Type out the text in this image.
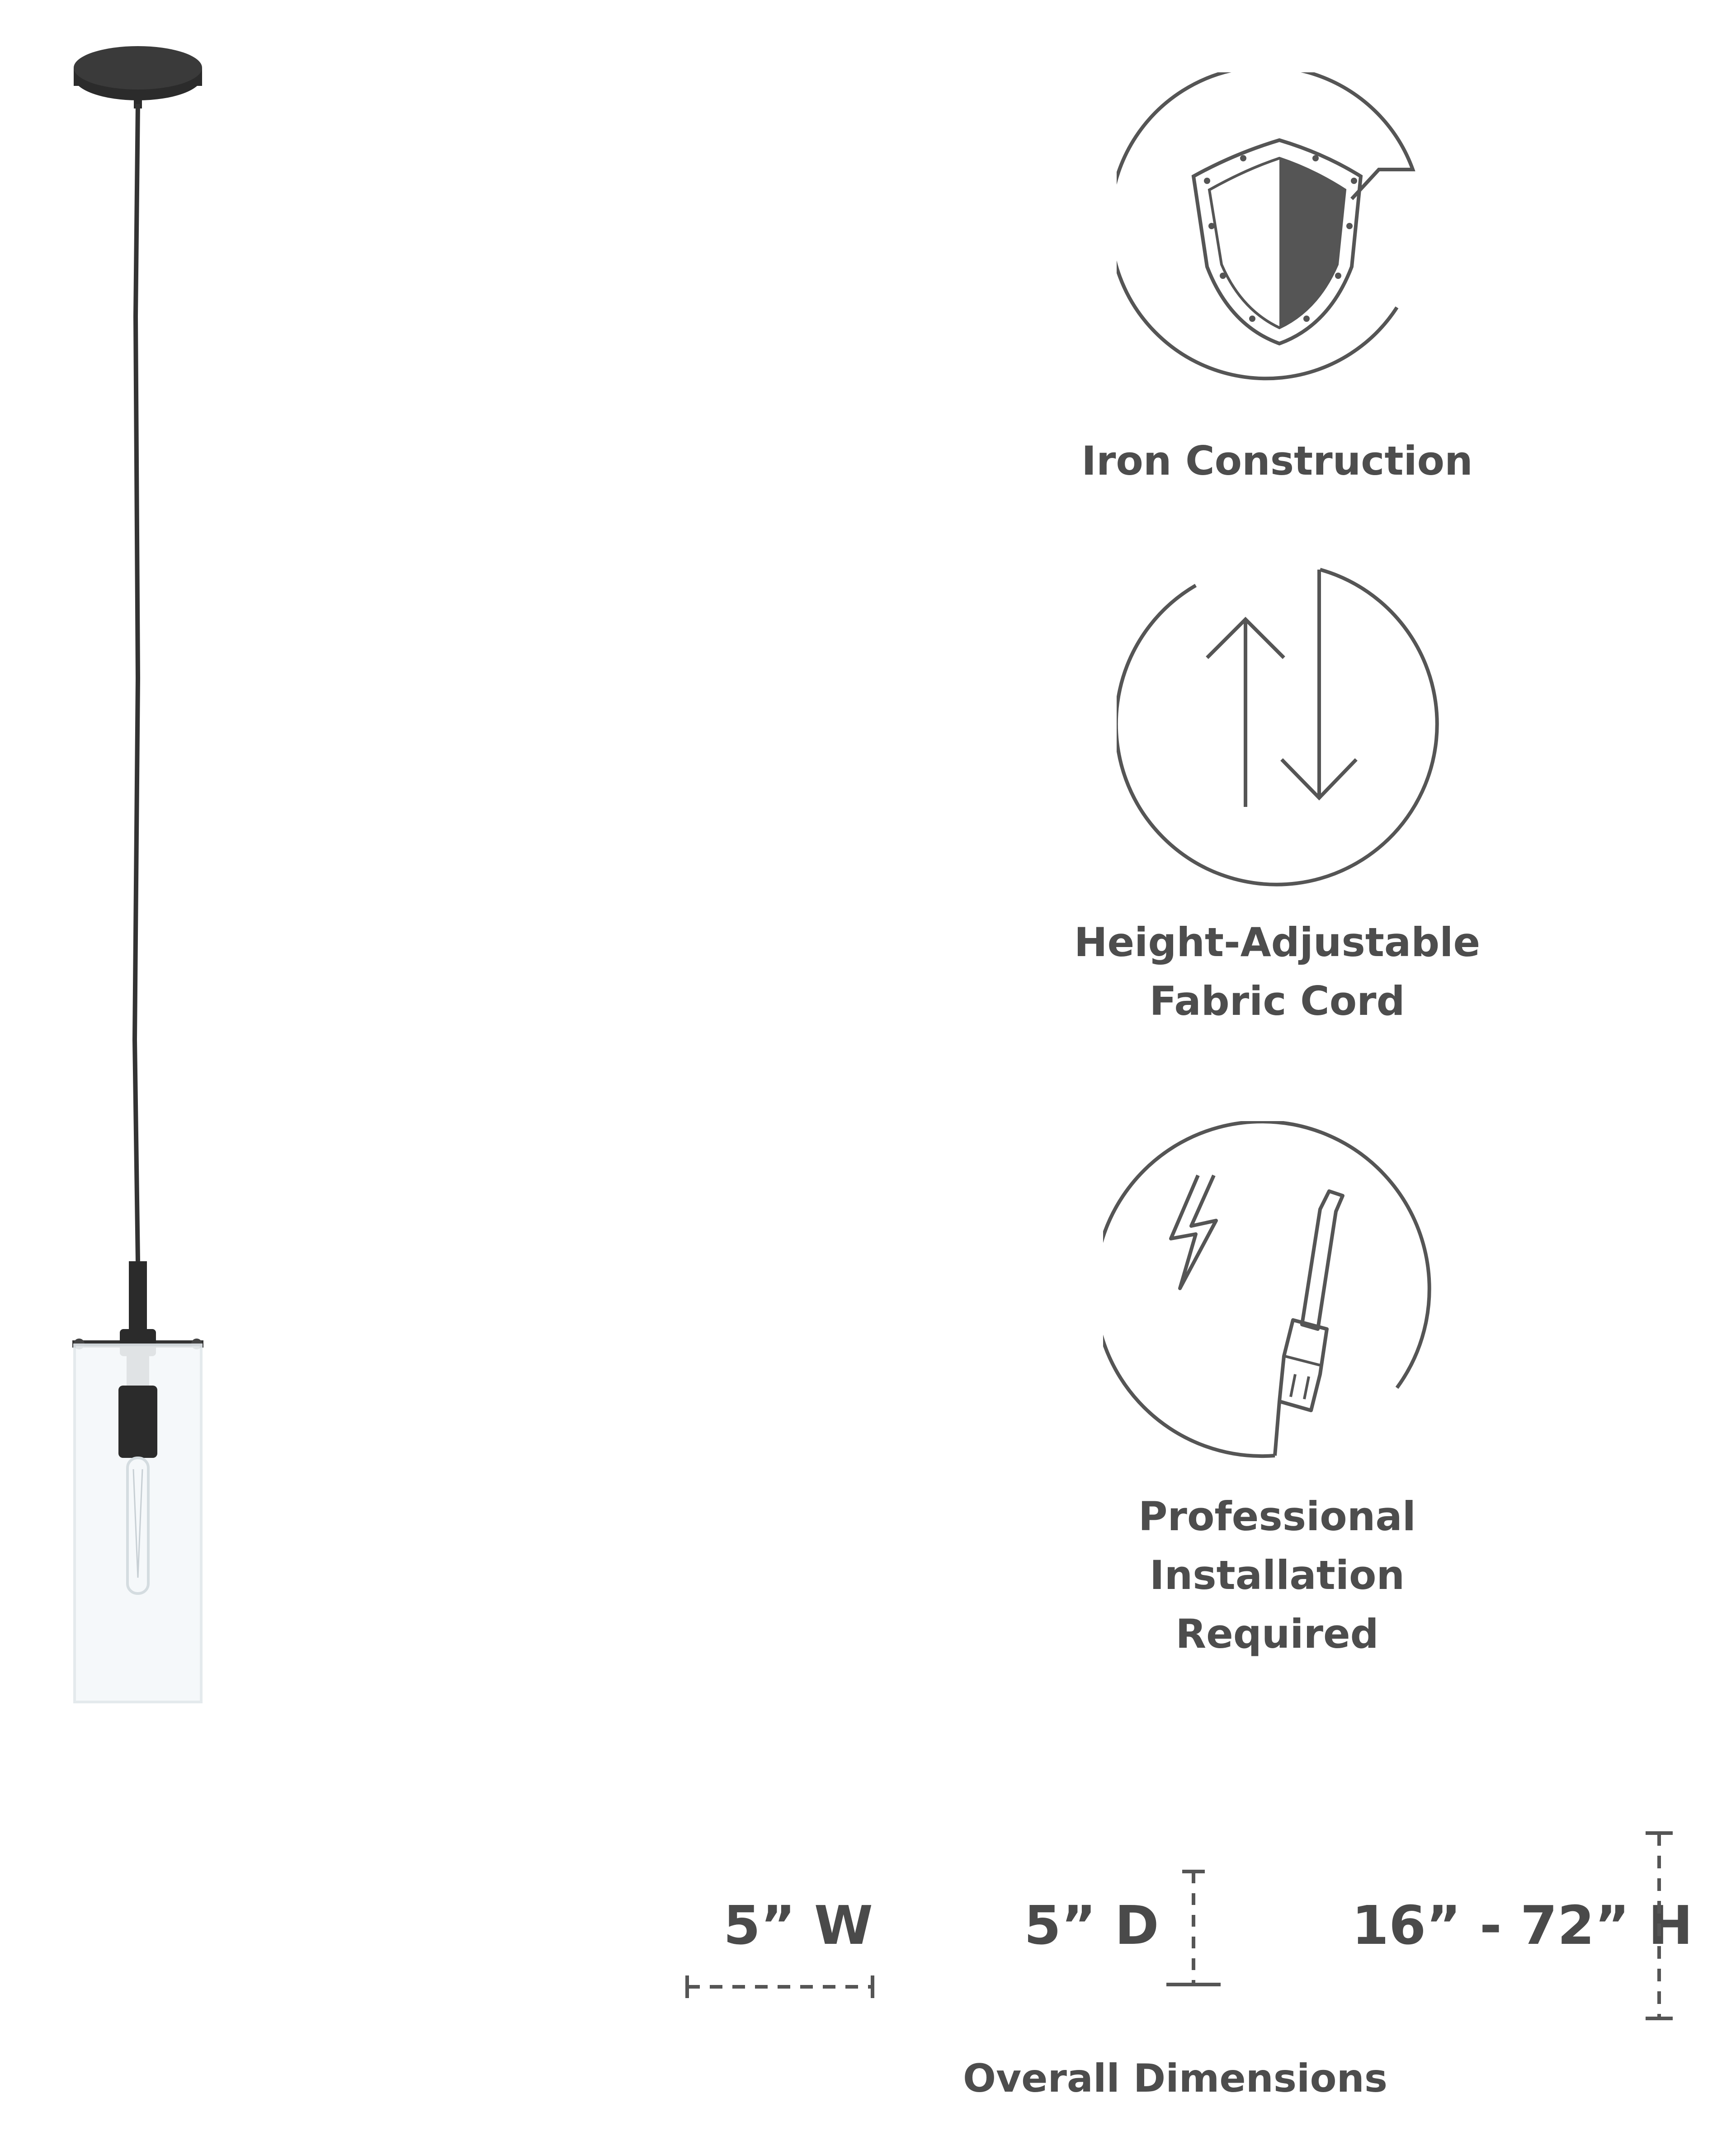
Iron Construction
Height-Adjustable
Fabric Cord
Professional Installation
Required
5” W	5” D	16” - 72” H
Overall Dimensions
